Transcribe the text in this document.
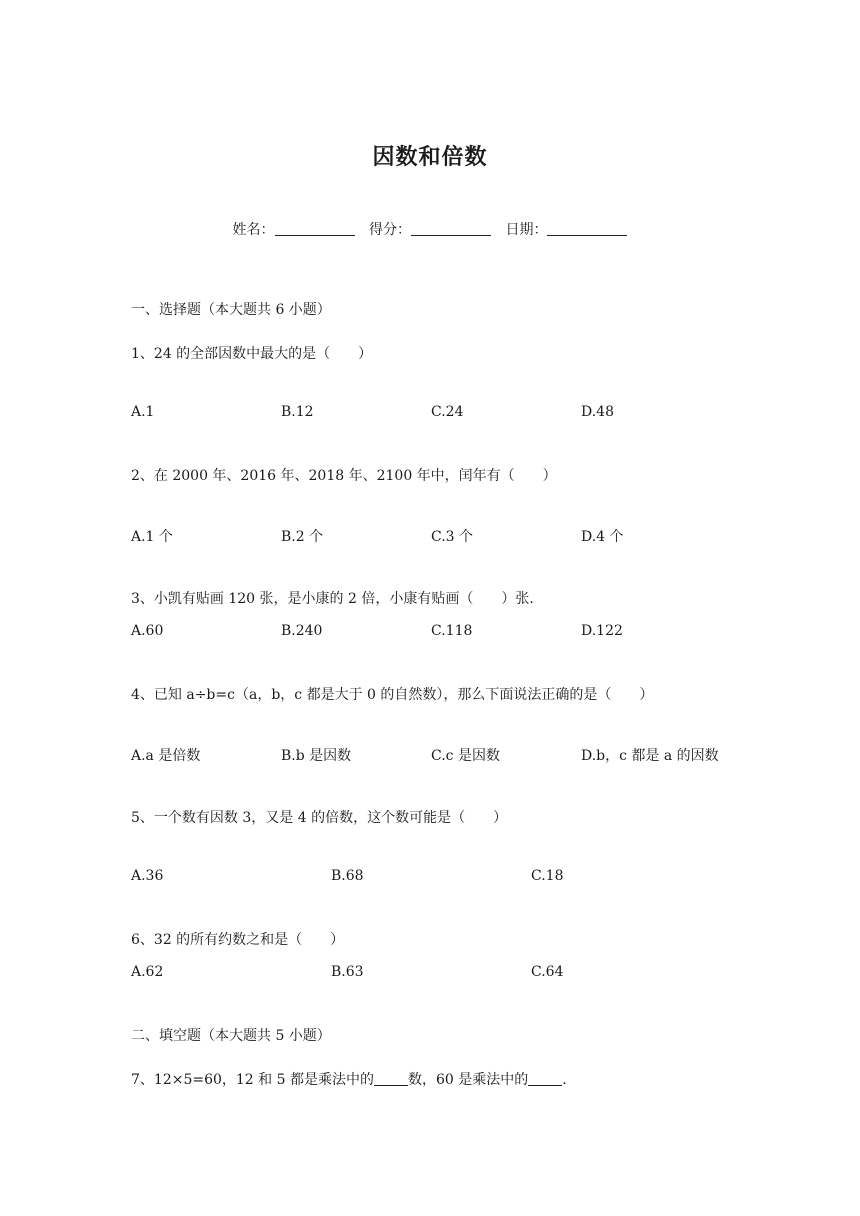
因数和倍数
姓名：	得分：	日期：
一、选择题（本大题共 6 小题）
1、24 的全部因数中最大的是（　　）
A.1	B.12	C.24	D.48
2、在 2000 年、2016 年、2018 年、2100 年中，闰年有（　　）
A.1 个	B.2 个	C.3 个	D.4 个
3、小凯有贴画 120 张，是小康的 2 倍，小康有贴画（　　）张.
A.60	B.240	C.118	D.122
4、已知 a÷b=c（a，b，c 都是大于 0 的自然数），那么下面说法正确的是（　　）
A.a 是倍数	B.b 是因数	C.c 是因数	D.b，c 都是 a 的因数
5、一个数有因数 3，又是 4 的倍数，这个数可能是（　　）
A.36	B.68	C.18
6、32 的所有约数之和是（　　）
A.62	B.63	C.64
二、填空题（本大题共 5 小题）
7、12×5=60，12 和 5 都是乘法中的 数，60 是乘法中的 .
